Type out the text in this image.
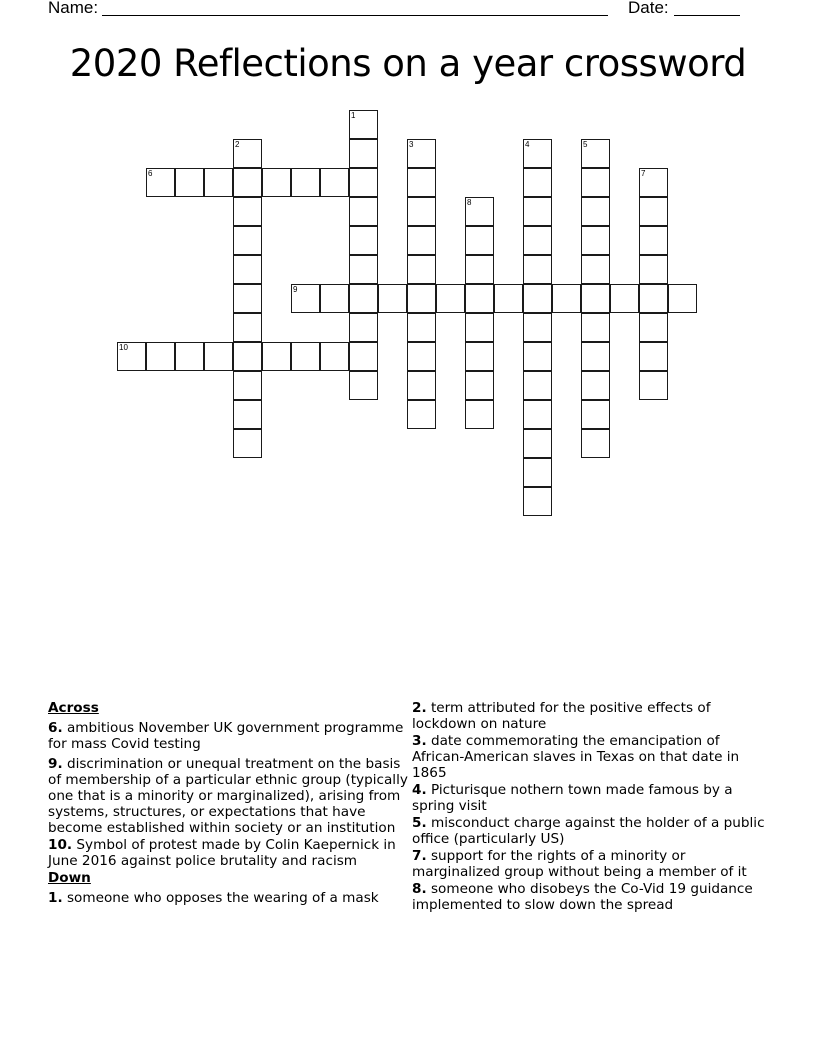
Name:	Date:
2020 Reflections on a year crossword
1
2	3	4	5
6	7
8
9
10
Across
6. ambitious November UK government programme for mass Covid testing
9. discrimination or unequal treatment on the basis of membership of a particular ethnic group (typically one that is a minority or marginalized), arising from systems, structures, or expectations that have become established within society or an institution
10. Symbol of protest made by Colin Kaepernick in June 2016 against police brutality and racism
Down
1. someone who opposes the wearing of a mask
2. term attributed for the positive effects of lockdown on nature
3. date commemorating the emancipation of African-American slaves in Texas on that date in 1865
4. Picturisque nothern town made famous by a spring visit
5. misconduct charge against the holder of a public office (particularly US)
7. support for the rights of a minority or marginalized group without being a member of it
8. someone who disobeys the Co-Vid 19 guidance implemented to slow down the spread
